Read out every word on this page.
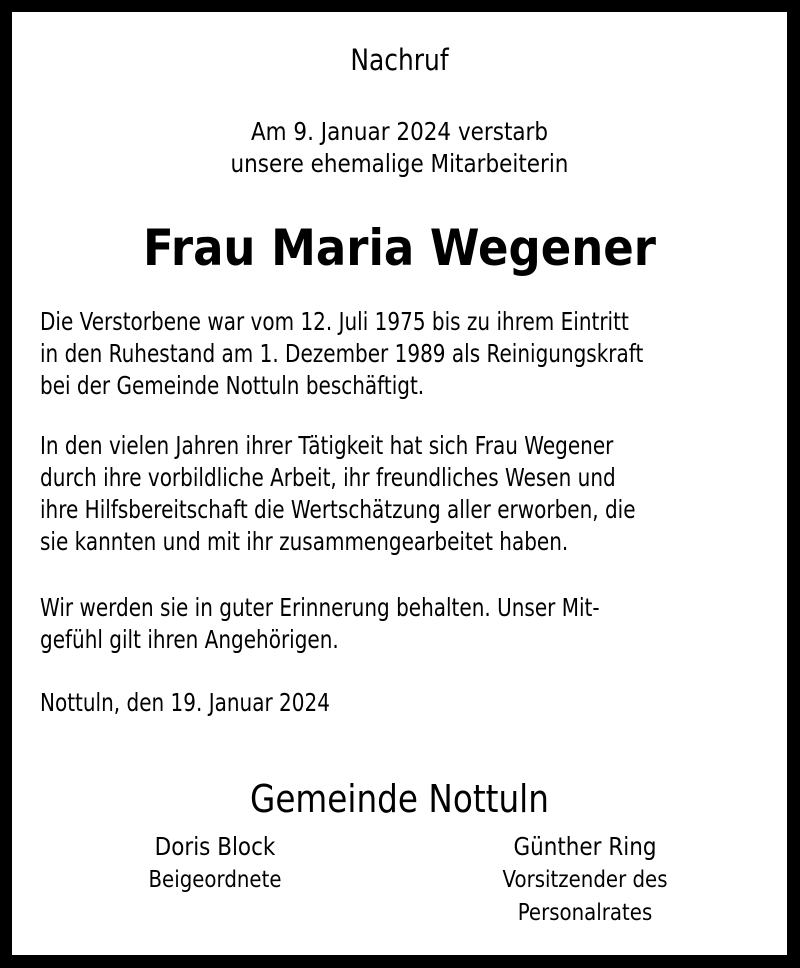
Nachruf
Am 9. Januar 2024 verstarb
unsere ehemalige Mitarbeiterin
Frau Maria Wegener
Die Verstorbene war vom 12. Juli 1975 bis zu ihrem Eintritt
in den Ruhestand am 1. Dezember 1989 als Reinigungskraft
bei der Gemeinde Nottuln beschäftigt.
In den vielen Jahren ihrer Tätigkeit hat sich Frau Wegener
durch ihre vorbildliche Arbeit, ihr freundliches Wesen und
ihre Hilfsbereitschaft die Wertschätzung aller erworben, die
sie kannten und mit ihr zusammengearbeitet haben.
Wir werden sie in guter Erinnerung behalten. Unser Mit-
gefühl gilt ihren Angehörigen.
Nottuln, den 19. Januar 2024
Gemeinde Nottuln
Doris Block
Beigeordnete
Günther Ring
Vorsitzender des
Personalrates
